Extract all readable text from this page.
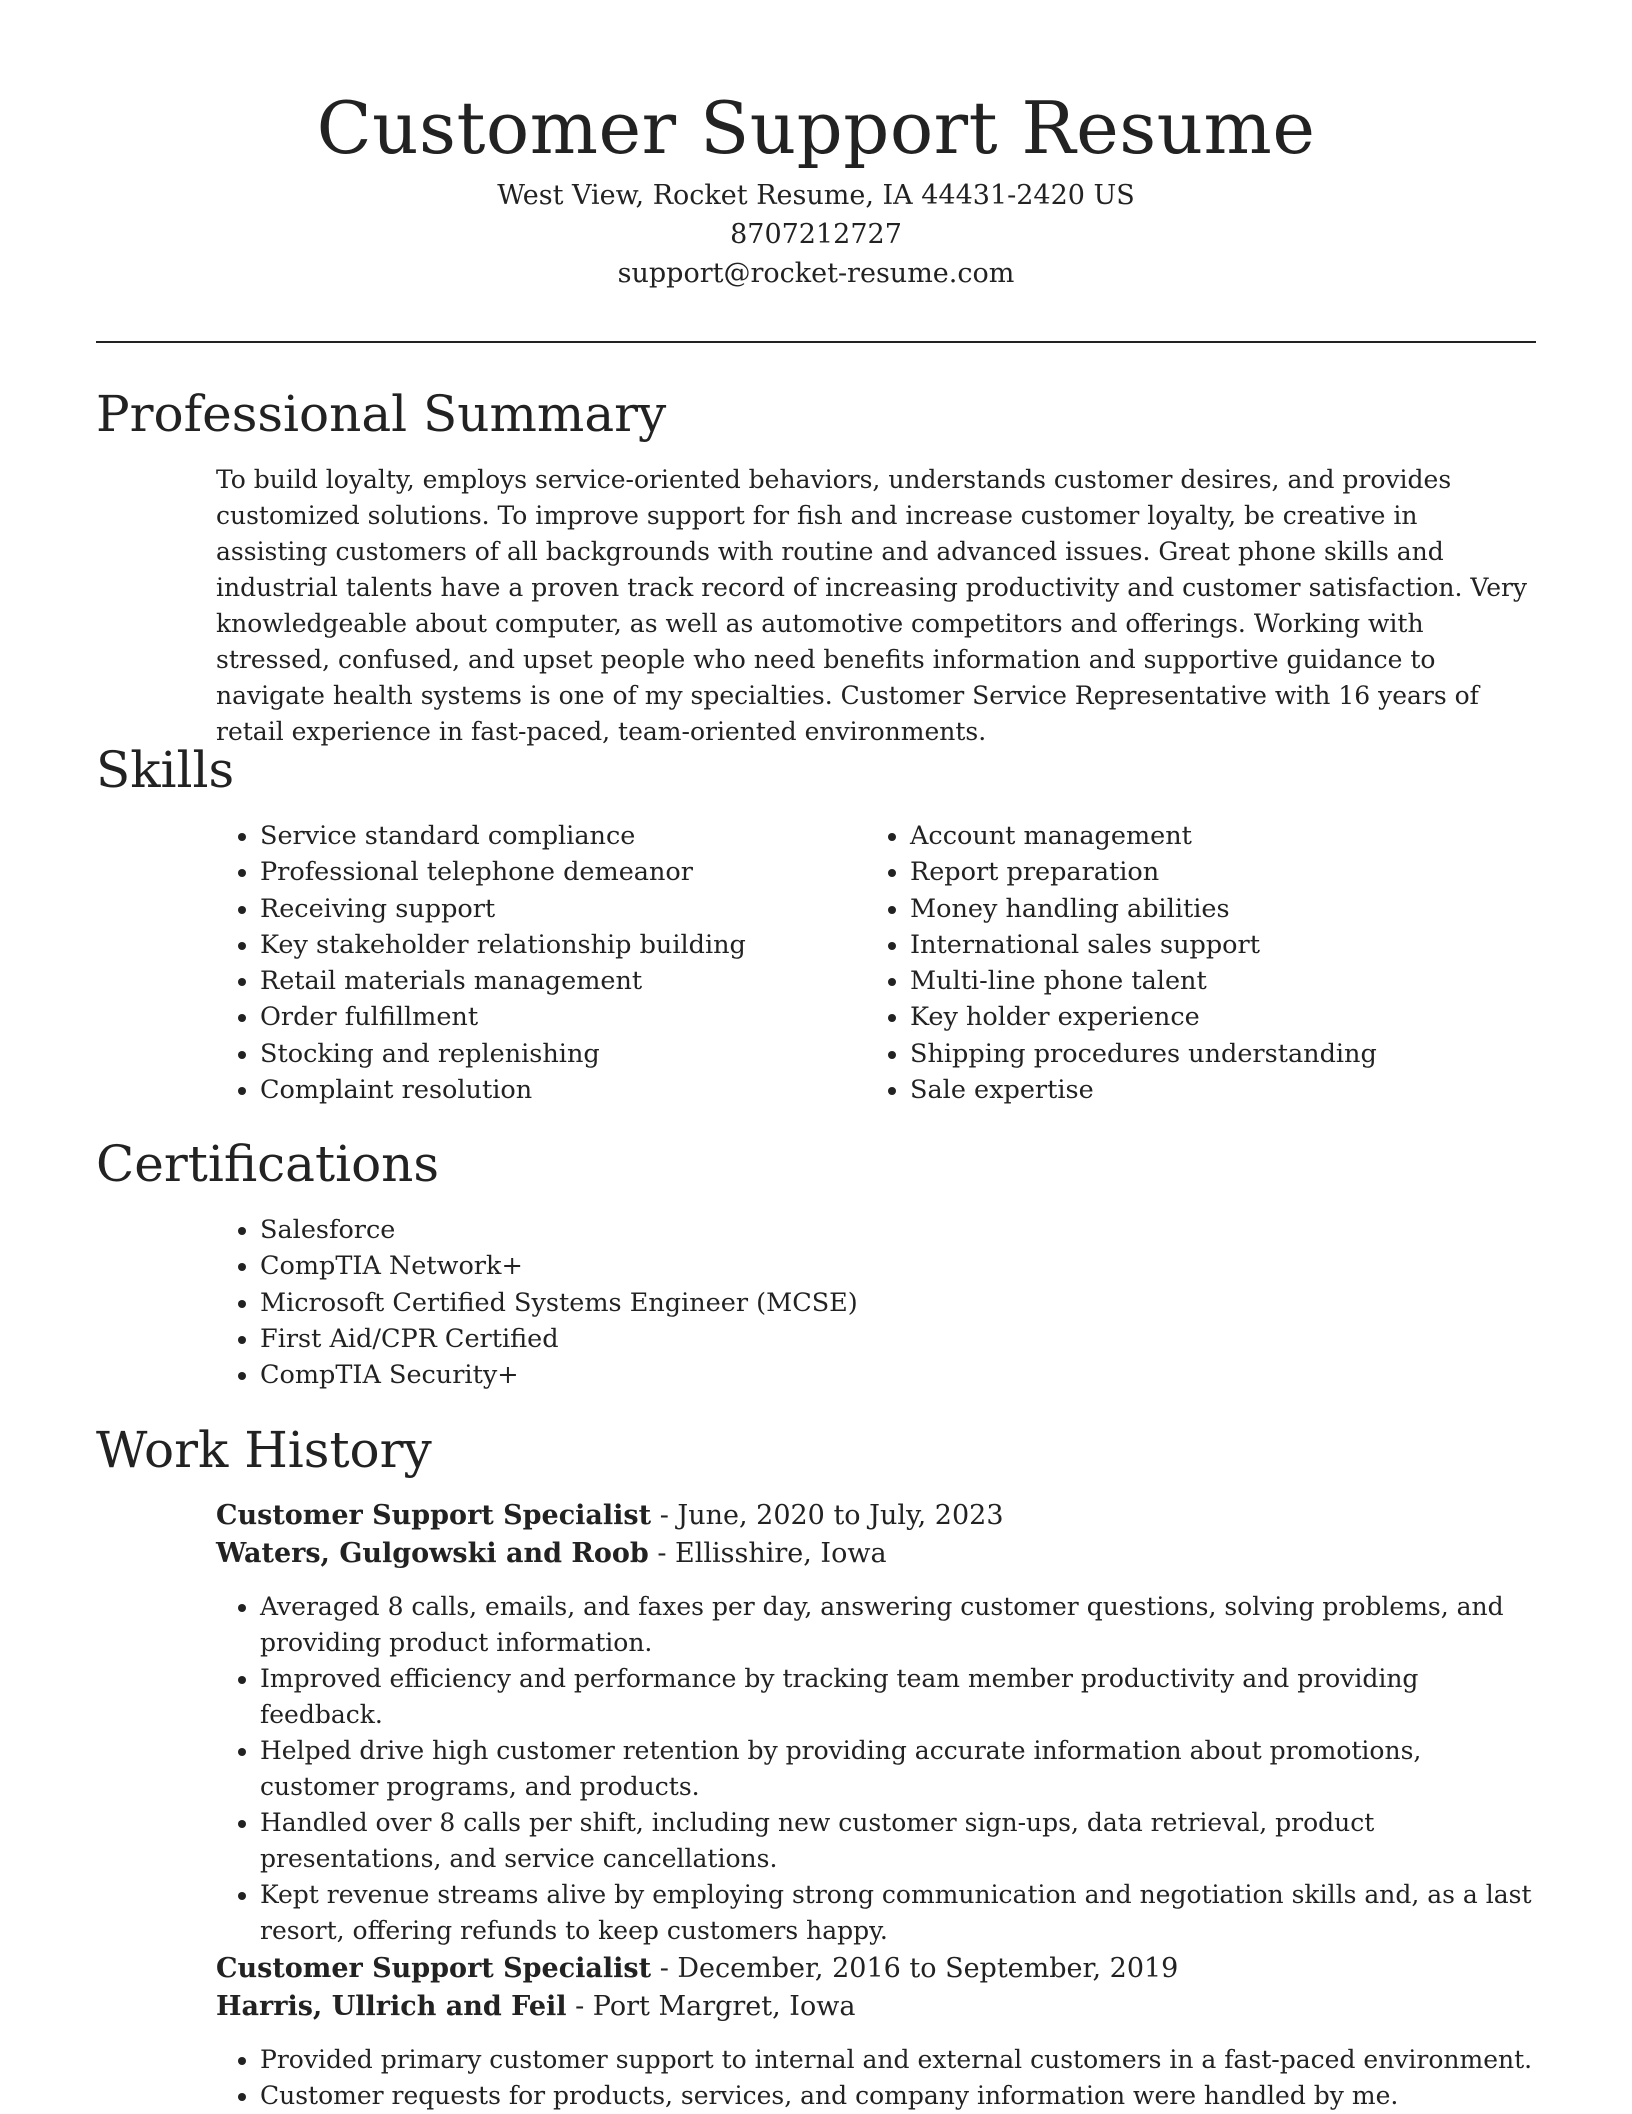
Customer Support Resume
West View, Rocket Resume, IA 44431-2420 US
8707212727
support@rocket-resume.com
Professional Summary

To build loyalty, employs service-oriented behaviors, understands customer desires, and provides customized solutions. To improve support for fish and increase customer loyalty, be creative in assisting customers of all backgrounds with routine and advanced issues. Great phone skills and industrial talents have a proven track record of increasing productivity and customer satisfaction. Very knowledgeable about computer, as well as automotive competitors and offerings. Working with stressed, confused, and upset people who need benefits information and supportive guidance to navigate health systems is one of my specialties. Customer Service Representative with 16 years of retail experience in fast-paced, team-oriented environments.

Skills
• Service standard compliance
• Professional telephone demeanor
• Receiving support
• Key stakeholder relationship building
• Retail materials management
• Order fulfillment
• Stocking and replenishing
• Complaint resolution
• Account management
• Report preparation
• Money handling abilities
• International sales support
• Multi-line phone talent
• Key holder experience
• Shipping procedures understanding
• Sale expertise
Certifications
• Salesforce
• CompTIA Network+
• Microsoft Certified Systems Engineer (MCSE)
• First Aid/CPR Certified
• CompTIA Security+
Work History
Customer Support Specialist - June, 2020 to July, 2023
Waters, Gulgowski and Roob - Ellisshire, Iowa
• Averaged 8 calls, emails, and faxes per day, answering customer questions, solving problems, and providing product information.
• Improved efficiency and performance by tracking team member productivity and providing feedback.
• Helped drive high customer retention by providing accurate information about promotions, customer programs, and products.
• Handled over 8 calls per shift, including new customer sign-ups, data retrieval, product presentations, and service cancellations.
• Kept revenue streams alive by employing strong communication and negotiation skills and, as a last resort, offering refunds to keep customers happy.
Customer Support Specialist - December, 2016 to September, 2019
Harris, Ullrich and Feil - Port Margret, Iowa
• Provided primary customer support to internal and external customers in a fast-paced environment.
• Customer requests for products, services, and company information were handled by me.
